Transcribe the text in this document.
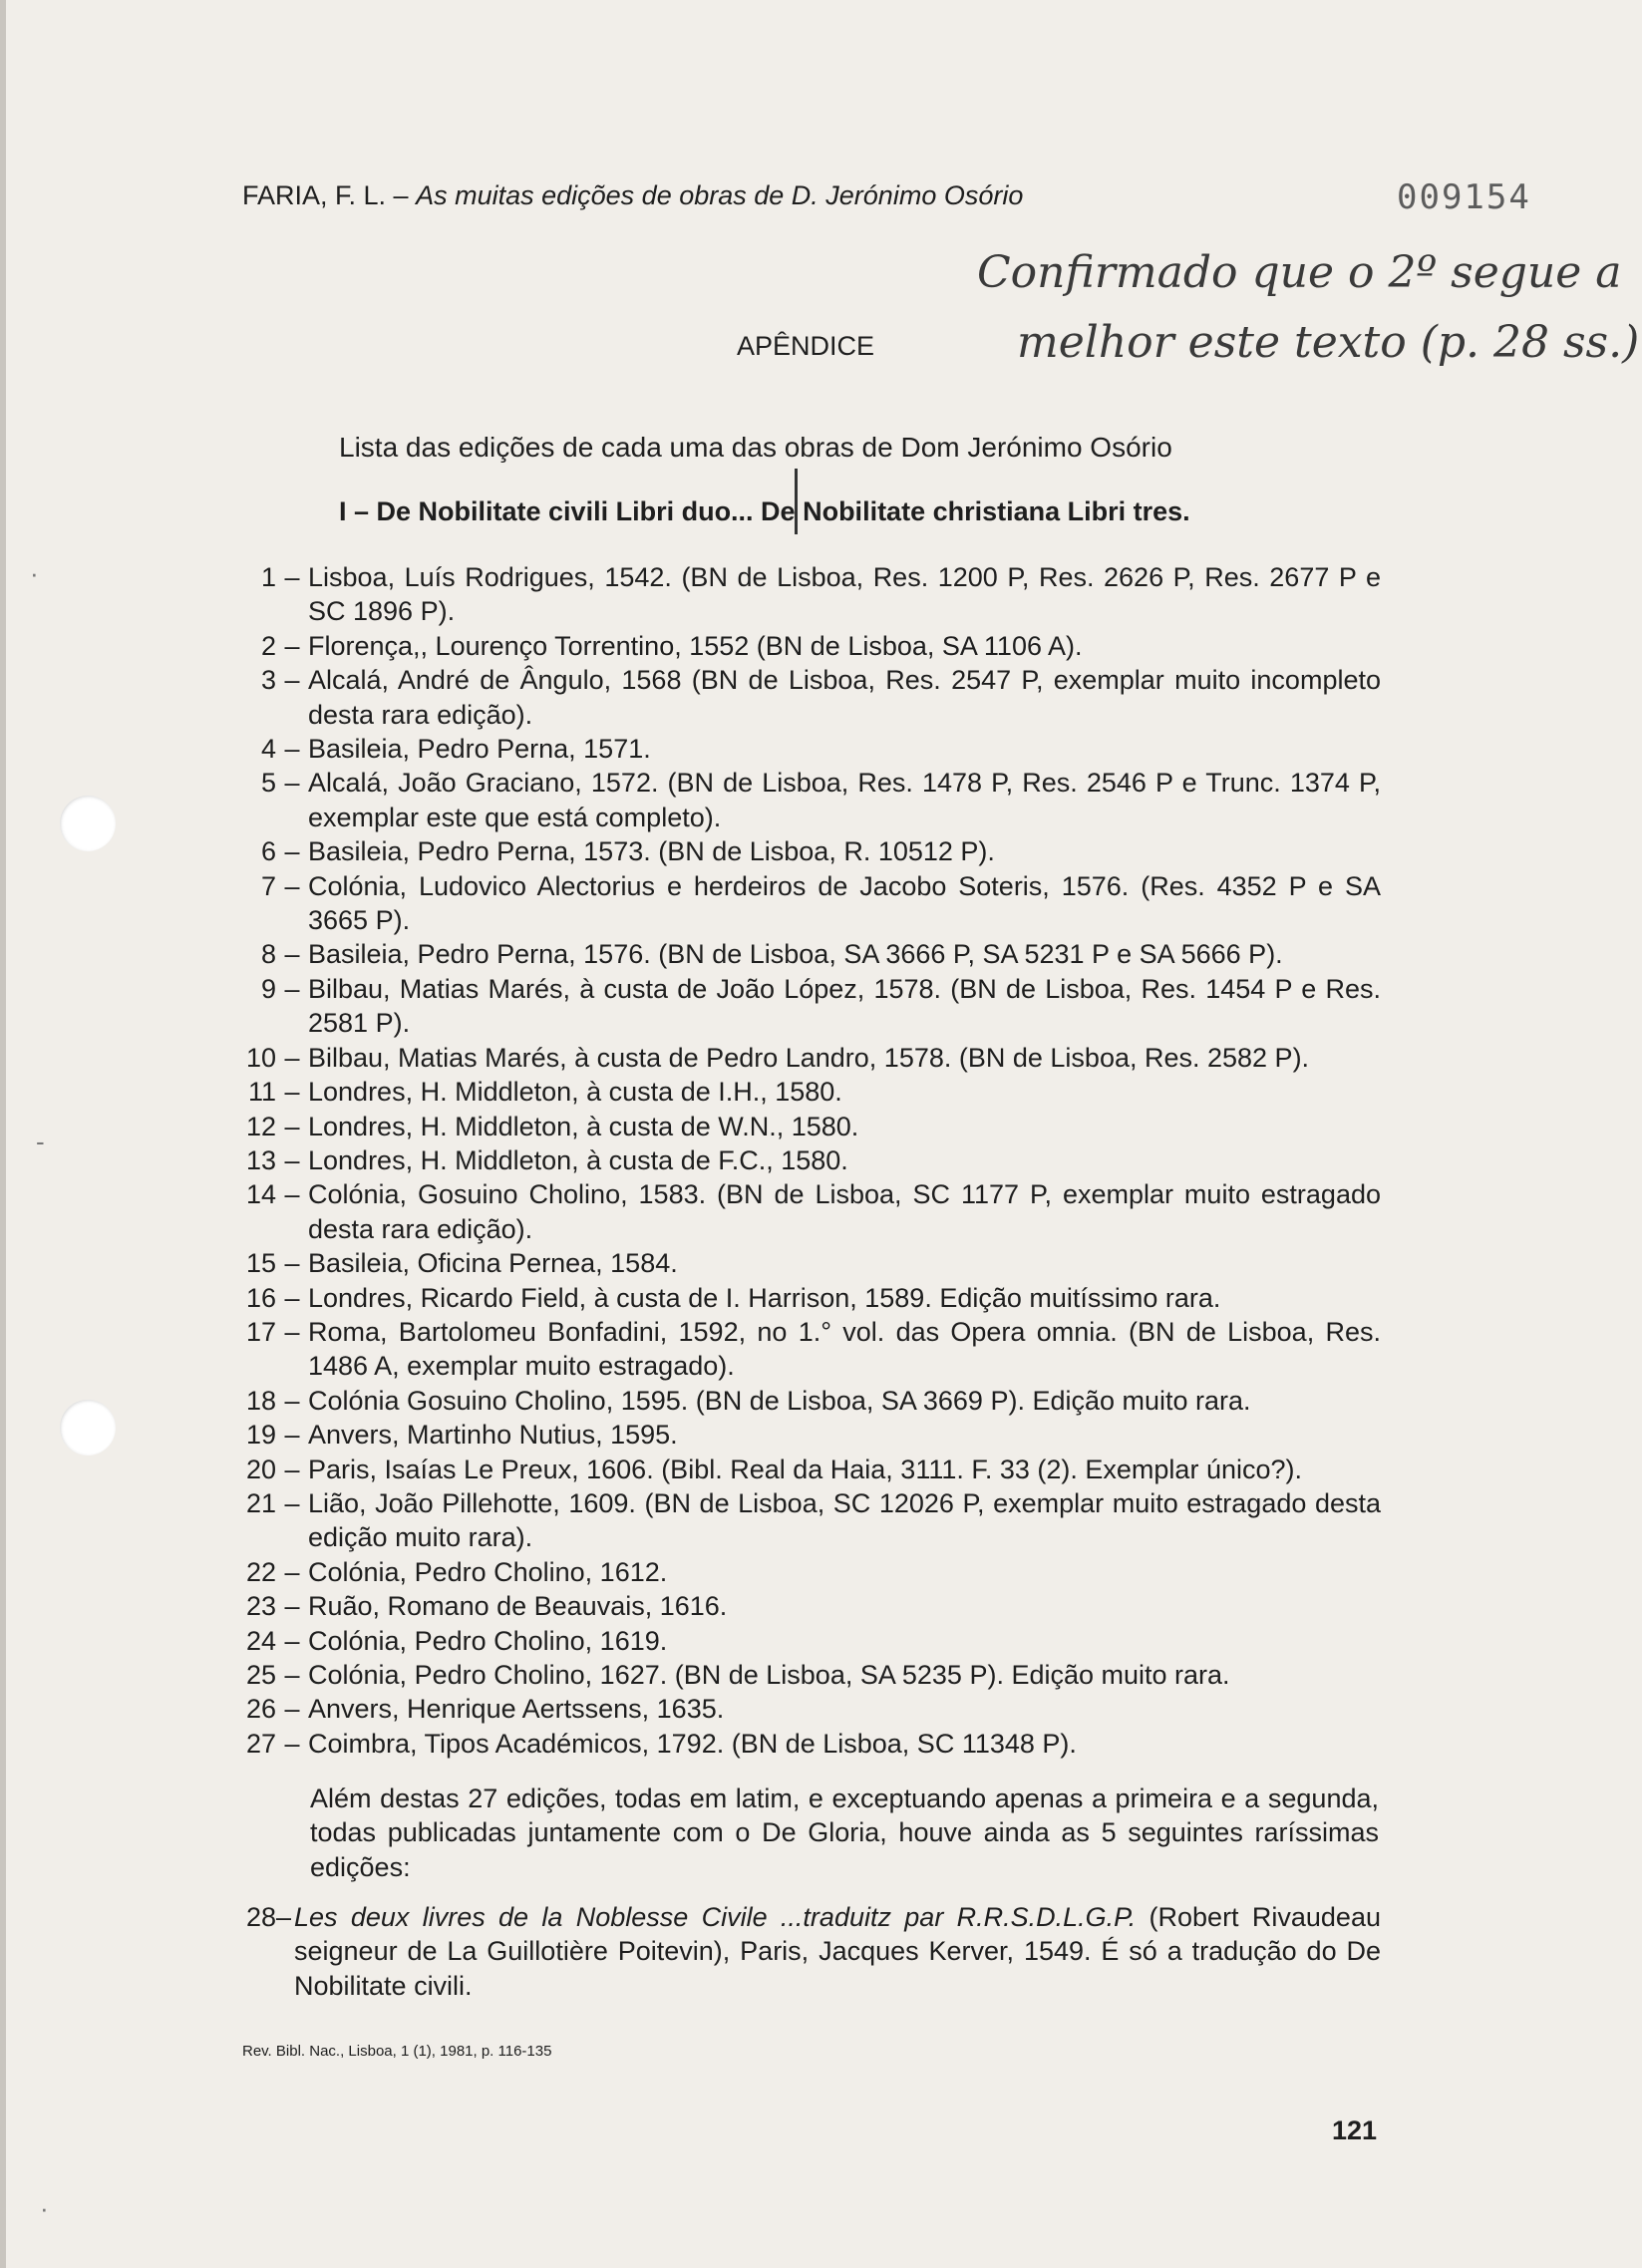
FARIA, F. L. – As muitas edições de obras de D. Jerónimo Osório	009154
Confirmado que o 2º segue a
melhor este texto (p. 28 ss.)
APÊNDICE
Lista das edições de cada uma das obras de Dom Jerónimo Osório
I – De Nobilitate civili Libri duo... De Nobilitate christiana Libri tres.
1 – Lisboa, Luís Rodrigues, 1542. (BN de Lisboa, Res. 1200 P, Res. 2626 P, Res. 2677 P e SC 1896 P).
2 – Florença,, Lourenço Torrentino, 1552 (BN de Lisboa, SA 1106 A).
3 – Alcalá, André de Ângulo, 1568 (BN de Lisboa, Res. 2547 P, exemplar muito incompleto desta rara edição).
4 – Basileia, Pedro Perna, 1571.
5 – Alcalá, João Graciano, 1572. (BN de Lisboa, Res. 1478 P, Res. 2546 P e Trunc. 1374 P, exemplar este que está completo).
6 – Basileia, Pedro Perna, 1573. (BN de Lisboa, R. 10512 P).
7 – Colónia, Ludovico Alectorius e herdeiros de Jacobo Soteris, 1576. (Res. 4352 P e SA 3665 P).
8 – Basileia, Pedro Perna, 1576. (BN de Lisboa, SA 3666 P, SA 5231 P e SA 5666 P).
9 – Bilbau, Matias Marés, à custa de João López, 1578. (BN de Lisboa, Res. 1454 P e Res. 2581 P).
10 – Bilbau, Matias Marés, à custa de Pedro Landro, 1578. (BN de Lisboa, Res. 2582 P).
11 – Londres, H. Middleton, à custa de I.H., 1580.
12 – Londres, H. Middleton, à custa de W.N., 1580.
13 – Londres, H. Middleton, à custa de F.C., 1580.
14 – Colónia, Gosuino Cholino, 1583. (BN de Lisboa, SC 1177 P, exemplar muito estragado desta rara edição).
15 – Basileia, Oficina Pernea, 1584.
16 – Londres, Ricardo Field, à custa de I. Harrison, 1589. Edição muitíssimo rara.
17 – Roma, Bartolomeu Bonfadini, 1592, no 1.° vol. das Opera omnia. (BN de Lisboa, Res. 1486 A, exemplar muito estragado).
18 – Colónia Gosuino Cholino, 1595. (BN de Lisboa, SA 3669 P). Edição muito rara.
19 – Anvers, Martinho Nutius, 1595.
20 – Paris, Isaías Le Preux, 1606. (Bibl. Real da Haia, 3111. F. 33 (2). Exemplar único?).
21 – Lião, João Pillehotte, 1609. (BN de Lisboa, SC 12026 P, exemplar muito estragado desta edição muito rara).
22 – Colónia, Pedro Cholino, 1612.
23 – Ruão, Romano de Beauvais, 1616.
24 – Colónia, Pedro Cholino, 1619.
25 – Colónia, Pedro Cholino, 1627. (BN de Lisboa, SA 5235 P). Edição muito rara.
26 – Anvers, Henrique Aertssens, 1635.
27 – Coimbra, Tipos Académicos, 1792. (BN de Lisboa, SC 11348 P).
Além destas 27 edições, todas em latim, e exceptuando apenas a primeira e a segunda, todas publicadas juntamente com o De Gloria, houve ainda as 5 seguintes raríssimas edições:
28 – Les deux livres de la Noblesse Civile ...traduitz par R.R.S.D.L.G.P. (Robert Rivaudeau seigneur de La Guillotière Poitevin), Paris, Jacques Kerver, 1549. É só a tradução do De Nobilitate civili.
Rev. Bibl. Nac., Lisboa, 1 (1), 1981, p. 116-135
121
·
-
·
